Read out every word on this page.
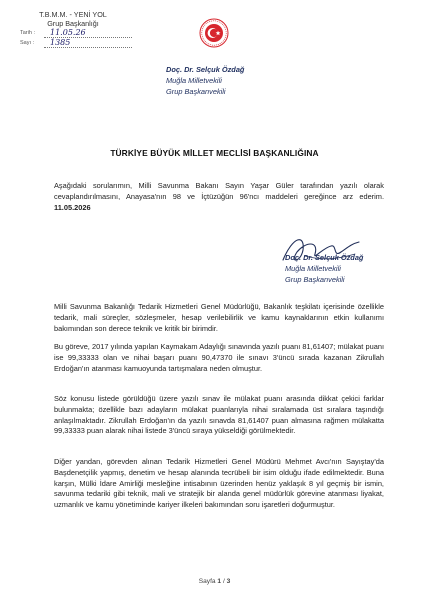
T.B.M.M. - YENİ YOL
Grup Başkanlığı
Tarih :	11.05.26
Sayı :	1385
Doç. Dr. Selçuk Özdağ
Muğla Milletvekili
Grup Başkanvekili
TÜRKİYE BÜYÜK MİLLET MECLİSİ BAŞKANLIĞINA
Aşağıdaki sorularımın, Milli Savunma Bakanı Sayın Yaşar Güler tarafından yazılı olarak cevaplandırılmasını, Anayasa'nın 98 ve İçtüzüğün 96'ncı maddeleri gereğince arz ederim. 11.05.2026
Doç. Dr. Selçuk Özdağ
Muğla Milletvekili
Grup Başkanvekili
Milli Savunma Bakanlığı Tedarik Hizmetleri Genel Müdürlüğü, Bakanlık teşkilatı içerisinde özellikle tedarik, mali süreçler, sözleşmeler, hesap verilebilirlik ve kamu kaynaklarının etkin kullanımı bakımından son derece teknik ve kritik bir birimdir.
Bu göreve, 2017 yılında yapılan Kaymakam Adaylığı sınavında yazılı puanı 81,61407; mülakat puanı ise 99,33333 olan ve nihai başarı puanı 90,47370 ile sınavı 3'üncü sırada kazanan Zikrullah Erdoğan'ın atanması kamuoyunda tartışmalara neden olmuştur.
Söz konusu listede görüldüğü üzere yazılı sınav ile mülakat puanı arasında dikkat çekici farklar bulunmakta; özellikle bazı adayların mülakat puanlarıyla nihai sıralamada üst sıralara taşındığı anlaşılmaktadır. Zikrullah Erdoğan'ın da yazılı sınavda 81,61407 puan almasına rağmen mülakatta 99,33333 puan alarak nihai listede 3'üncü sıraya yükseldiği görülmektedir.
Diğer yandan, görevden alınan Tedarik Hizmetleri Genel Müdürü Mehmet Avcı'nın Sayıştay'da Başdenetçilik yapmış, denetim ve hesap alanında tecrübeli bir isim olduğu ifade edilmektedir. Buna karşın, Mülki İdare Amirliği mesleğine intisabının üzerinden henüz yaklaşık 8 yıl geçmiş bir ismin, savunma tedariki gibi teknik, mali ve stratejik bir alanda genel müdürlük görevine atanması liyakat, uzmanlık ve kamu yönetiminde kariyer ilkeleri bakımından soru işaretleri doğurmuştur.
Sayfa 1 / 3
